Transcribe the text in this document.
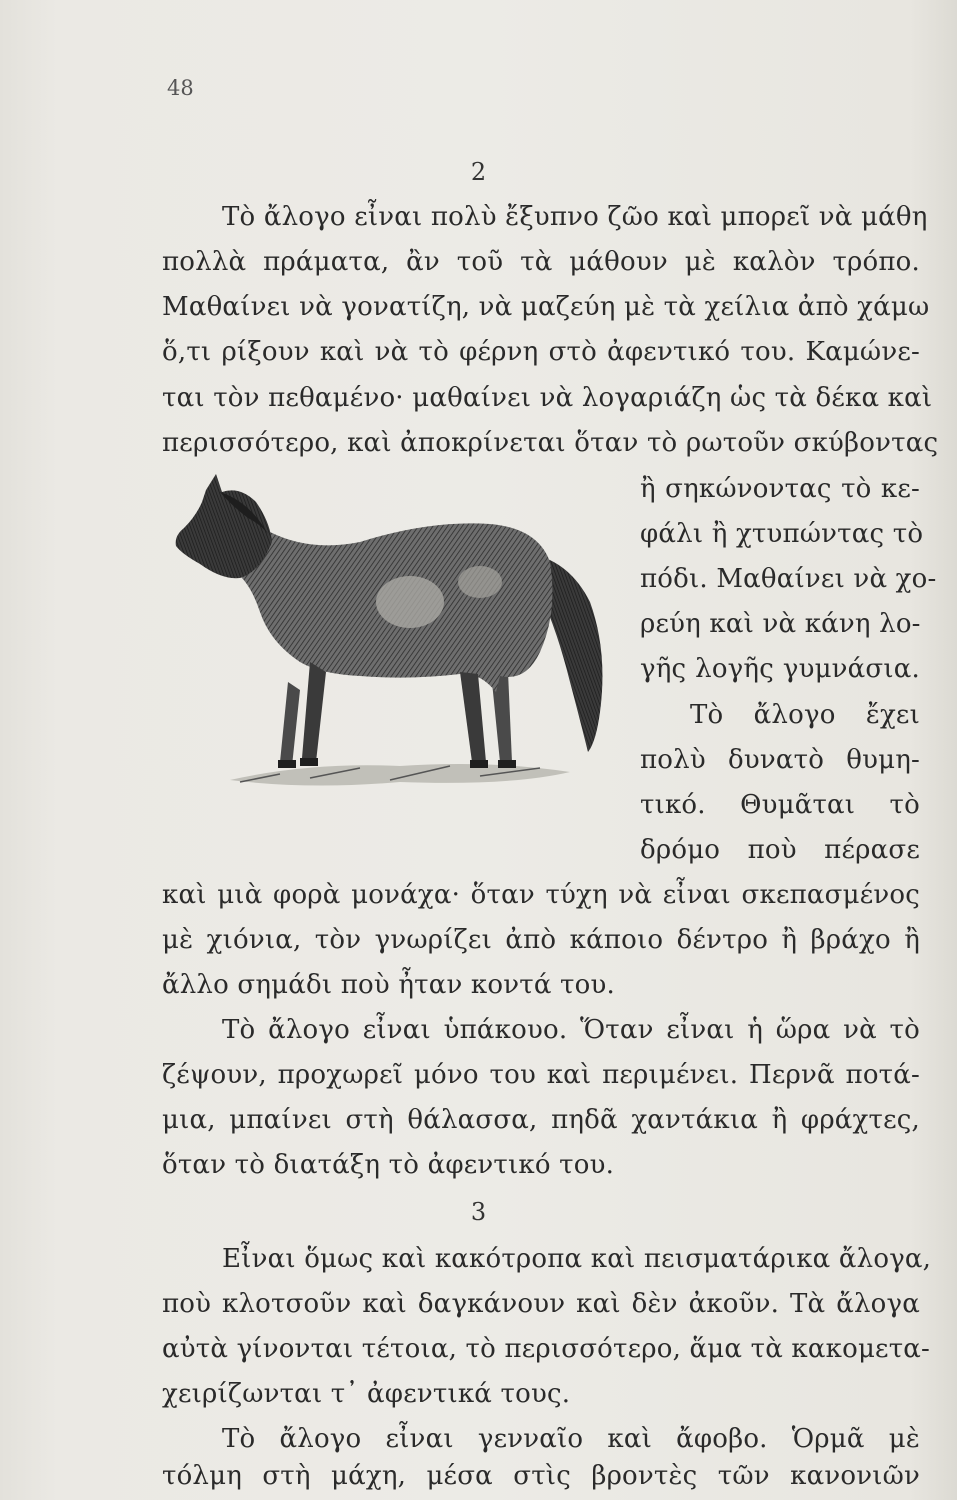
48
2
Τὸ ἄλογο εἶναι πολὺ ἔξυπνο ζῶο καὶ μπορεῖ νὰ μάθη
πολλὰ πράματα, ἂν τοῦ τὰ μάθουν μὲ καλὸν τρόπο.
Μαθαίνει νὰ γονατίζη, νὰ μαζεύη μὲ τὰ χείλια ἀπὸ χάμω
ὅ,τι ρίξουν καὶ νὰ τὸ φέρνη στὸ ἀφεντικό του. Καμώνε-
ται τὸν πεθαμένο· μαθαίνει νὰ λογαριάζη ὡς τὰ δέκα καὶ
περισσότερο, καὶ ἀποκρίνεται ὅταν τὸ ρωτοῦν σκύβοντας
ἢ σηκώνοντας τὸ κε-
φάλι ἢ χτυπώντας τὸ
πόδι. Μαθαίνει νὰ χο-
ρεύη καὶ νὰ κάνη λο-
γῆς λογῆς γυμνάσια.
Τὸ ἄλογο ἔχει
πολὺ δυνατὸ θυμη-
τικό. Θυμᾶται τὸ
δρόμο ποὺ πέρασε
καὶ μιὰ φορὰ μονάχα· ὅταν τύχη νὰ εἶναι σκεπασμένος
μὲ χιόνια, τὸν γνωρίζει ἀπὸ κάποιο δέντρο ἢ βράχο ἢ
ἄλλο σημάδι ποὺ ἦταν κοντά του.
Τὸ ἄλογο εἶναι ὑπάκουο. Ὅταν εἶναι ἡ ὥρα νὰ τὸ
ζέψουν, προχωρεῖ μόνο του καὶ περιμένει. Περνᾶ ποτά-
μια, μπαίνει στὴ θάλασσα, πηδᾶ χαντάκια ἢ φράχτες,
ὅταν τὸ διατάξη τὸ ἀφεντικό του.
3
Εἶναι ὅμως καὶ κακότροπα καὶ πεισματάρικα ἄλογα,
ποὺ κλοτσοῦν καὶ δαγκάνουν καὶ δὲν ἀκοῦν. Τὰ ἄλογα
αὐτὰ γίνονται τέτοια, τὸ περισσότερο, ἅμα τὰ κακομετα-
χειρίζωνται τ᾿ ἀφεντικά τους.
Τὸ ἄλογο εἶναι γενναῖο καὶ ἄφοβο. Ὁρμᾶ μὲ
τόλμη στὴ μάχη, μέσα στὶς βροντὲς τῶν κανονιῶν
